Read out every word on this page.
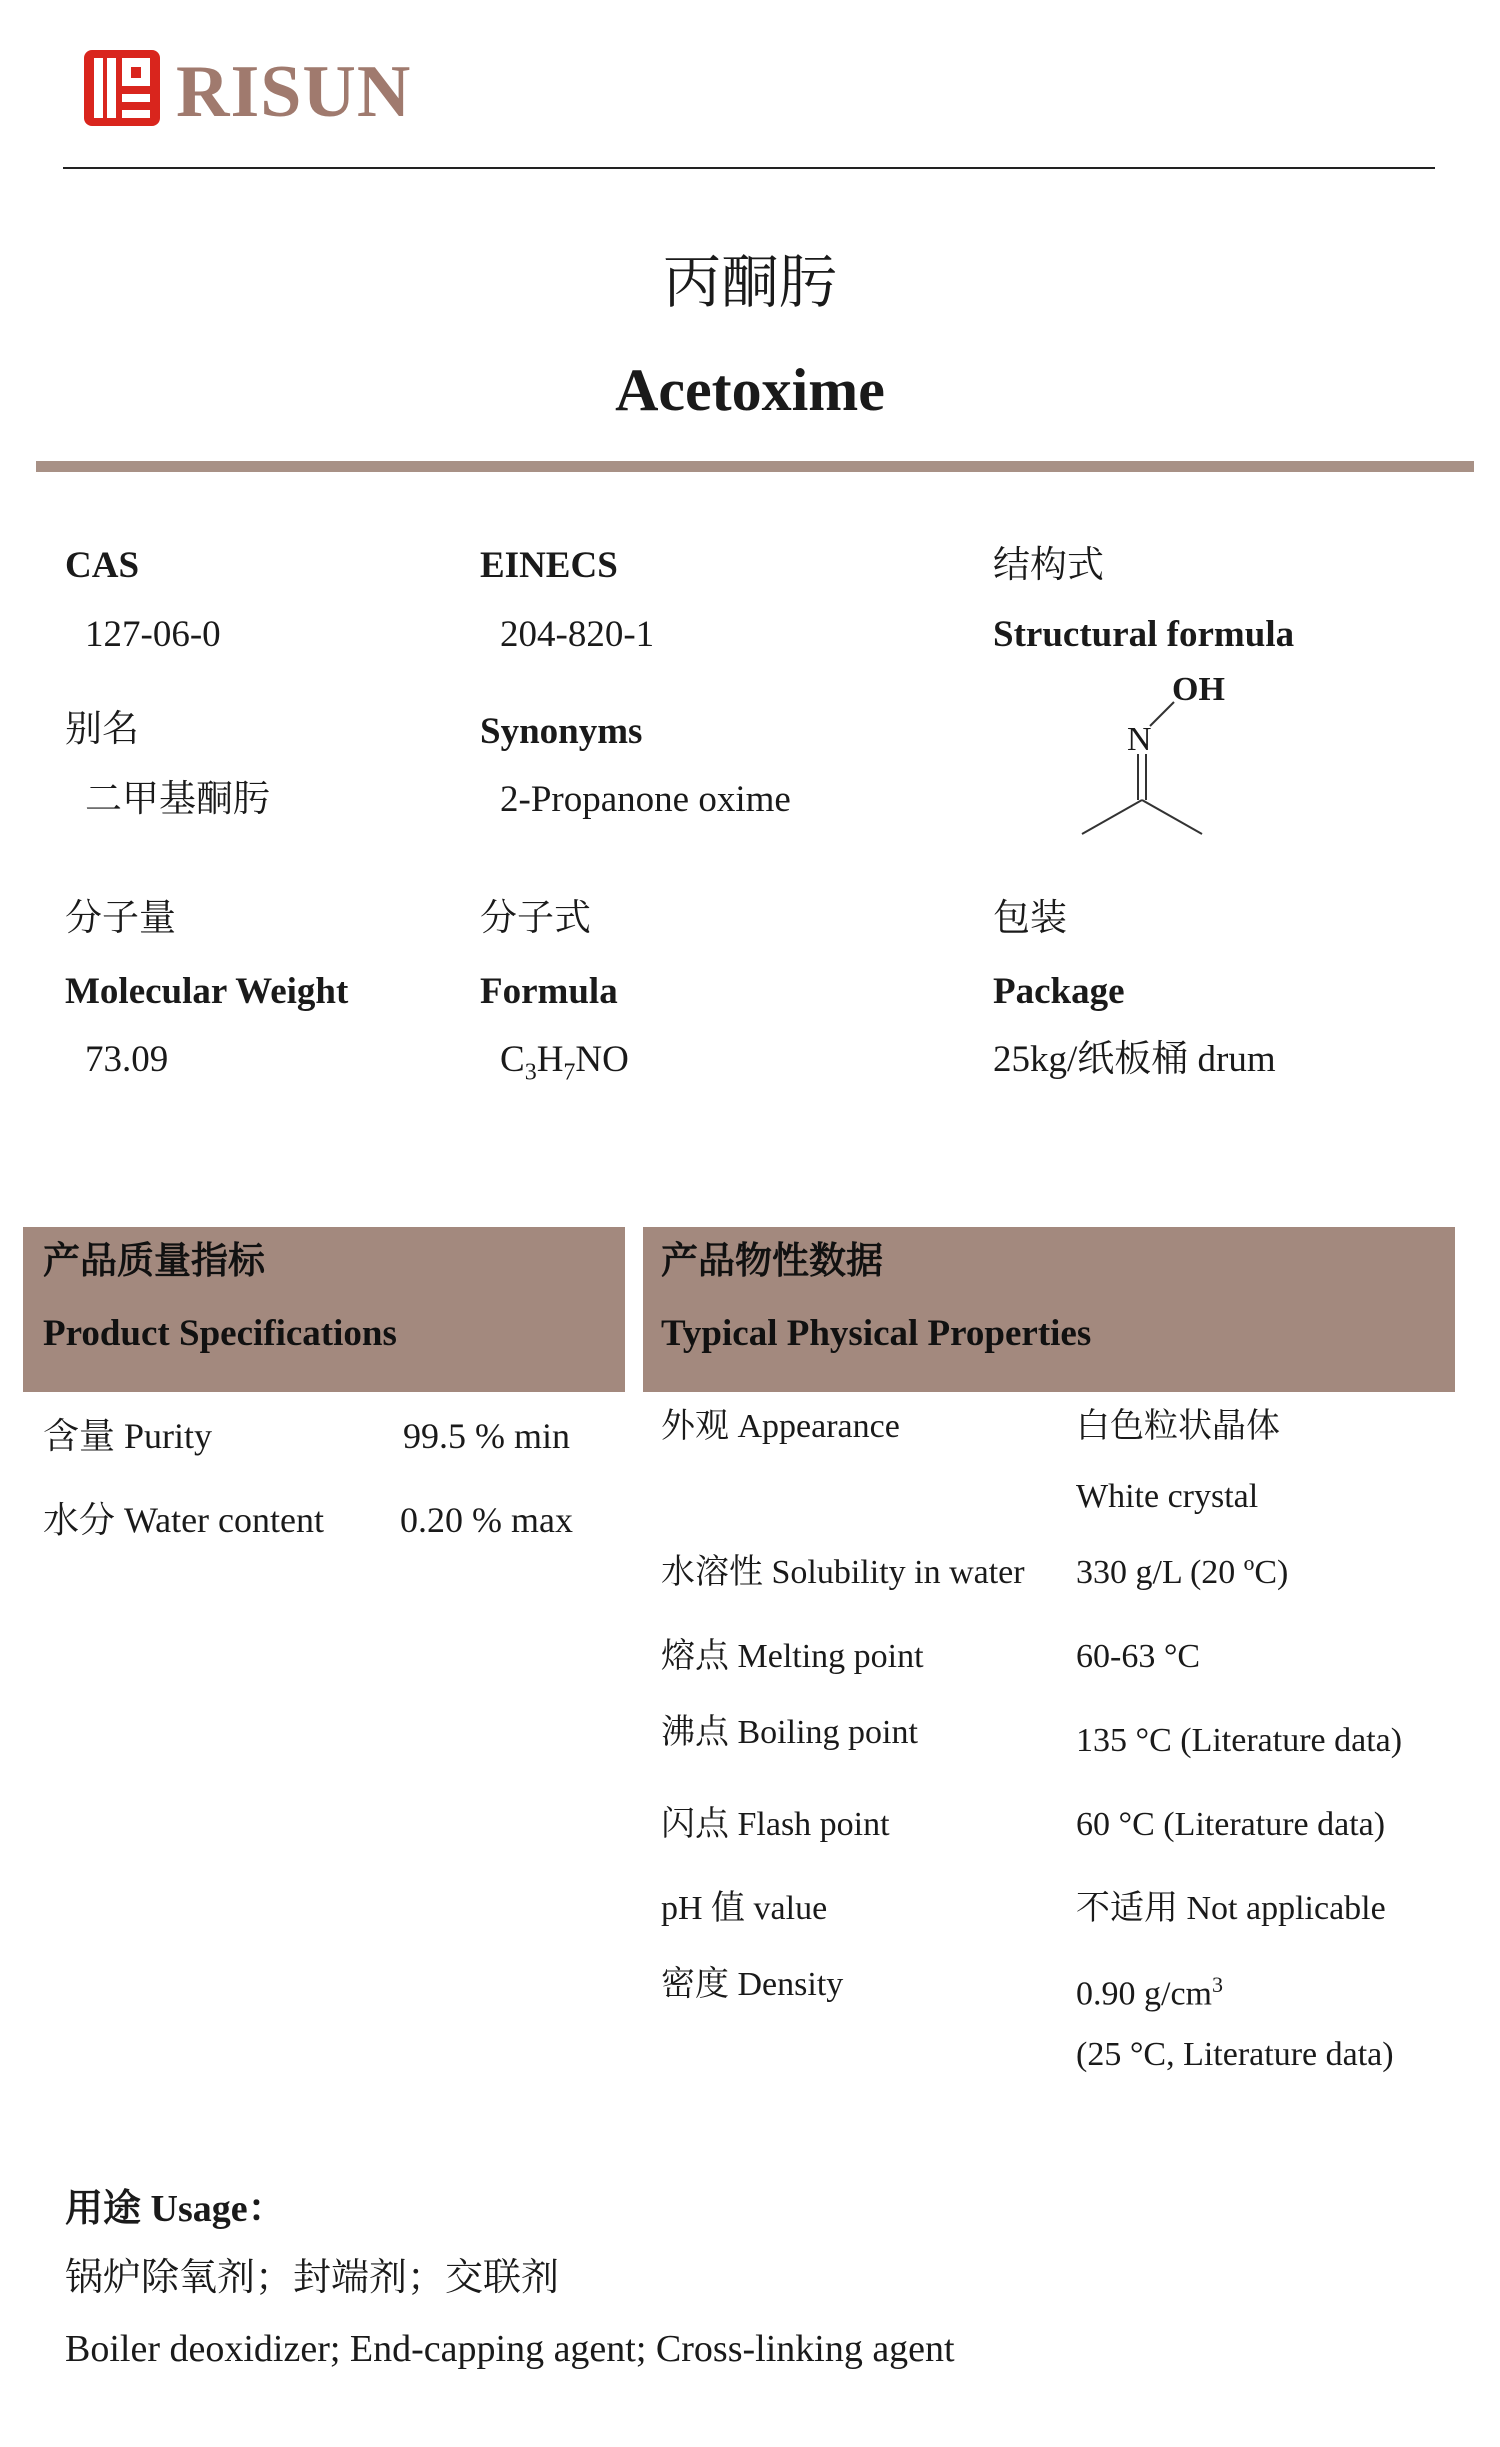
RISUN
丙酮肟
Acetoxime
CAS
127-06-0
别名
二甲基酮肟
分子量
Molecular Weight
73.09
EINECS
204-820-1
Synonyms
2-Propanone oxime
分子式
Formula
$C_3H_7NO$
结构式
Structural formula
OH
N
包装
Package
25kg/纸板桶 drum
产品质量指标
Product Specifications
产品物性数据
Typical Physical Properties
含量 Purity	99.5 % min
水分 Water content 0.20 % max
外观 Appearance	白色粒状晶体
White crystal
水溶性 Solubility in water 330 g/L (20 ºC)
熔点 Melting point	60-63 °C
沸点 Boiling point	135 °C (Literature data)
闪点 Flash point	60 °C (Literature data)
pH 值 value	不适用 Not applicable
密度 Density	0.90 $g/cm^3$
(25 °C, Literature data)
用途 Usage：
锅炉除氧剂；封端剂；交联剂
Boiler deoxidizer; End-capping agent; Cross-linking agent
